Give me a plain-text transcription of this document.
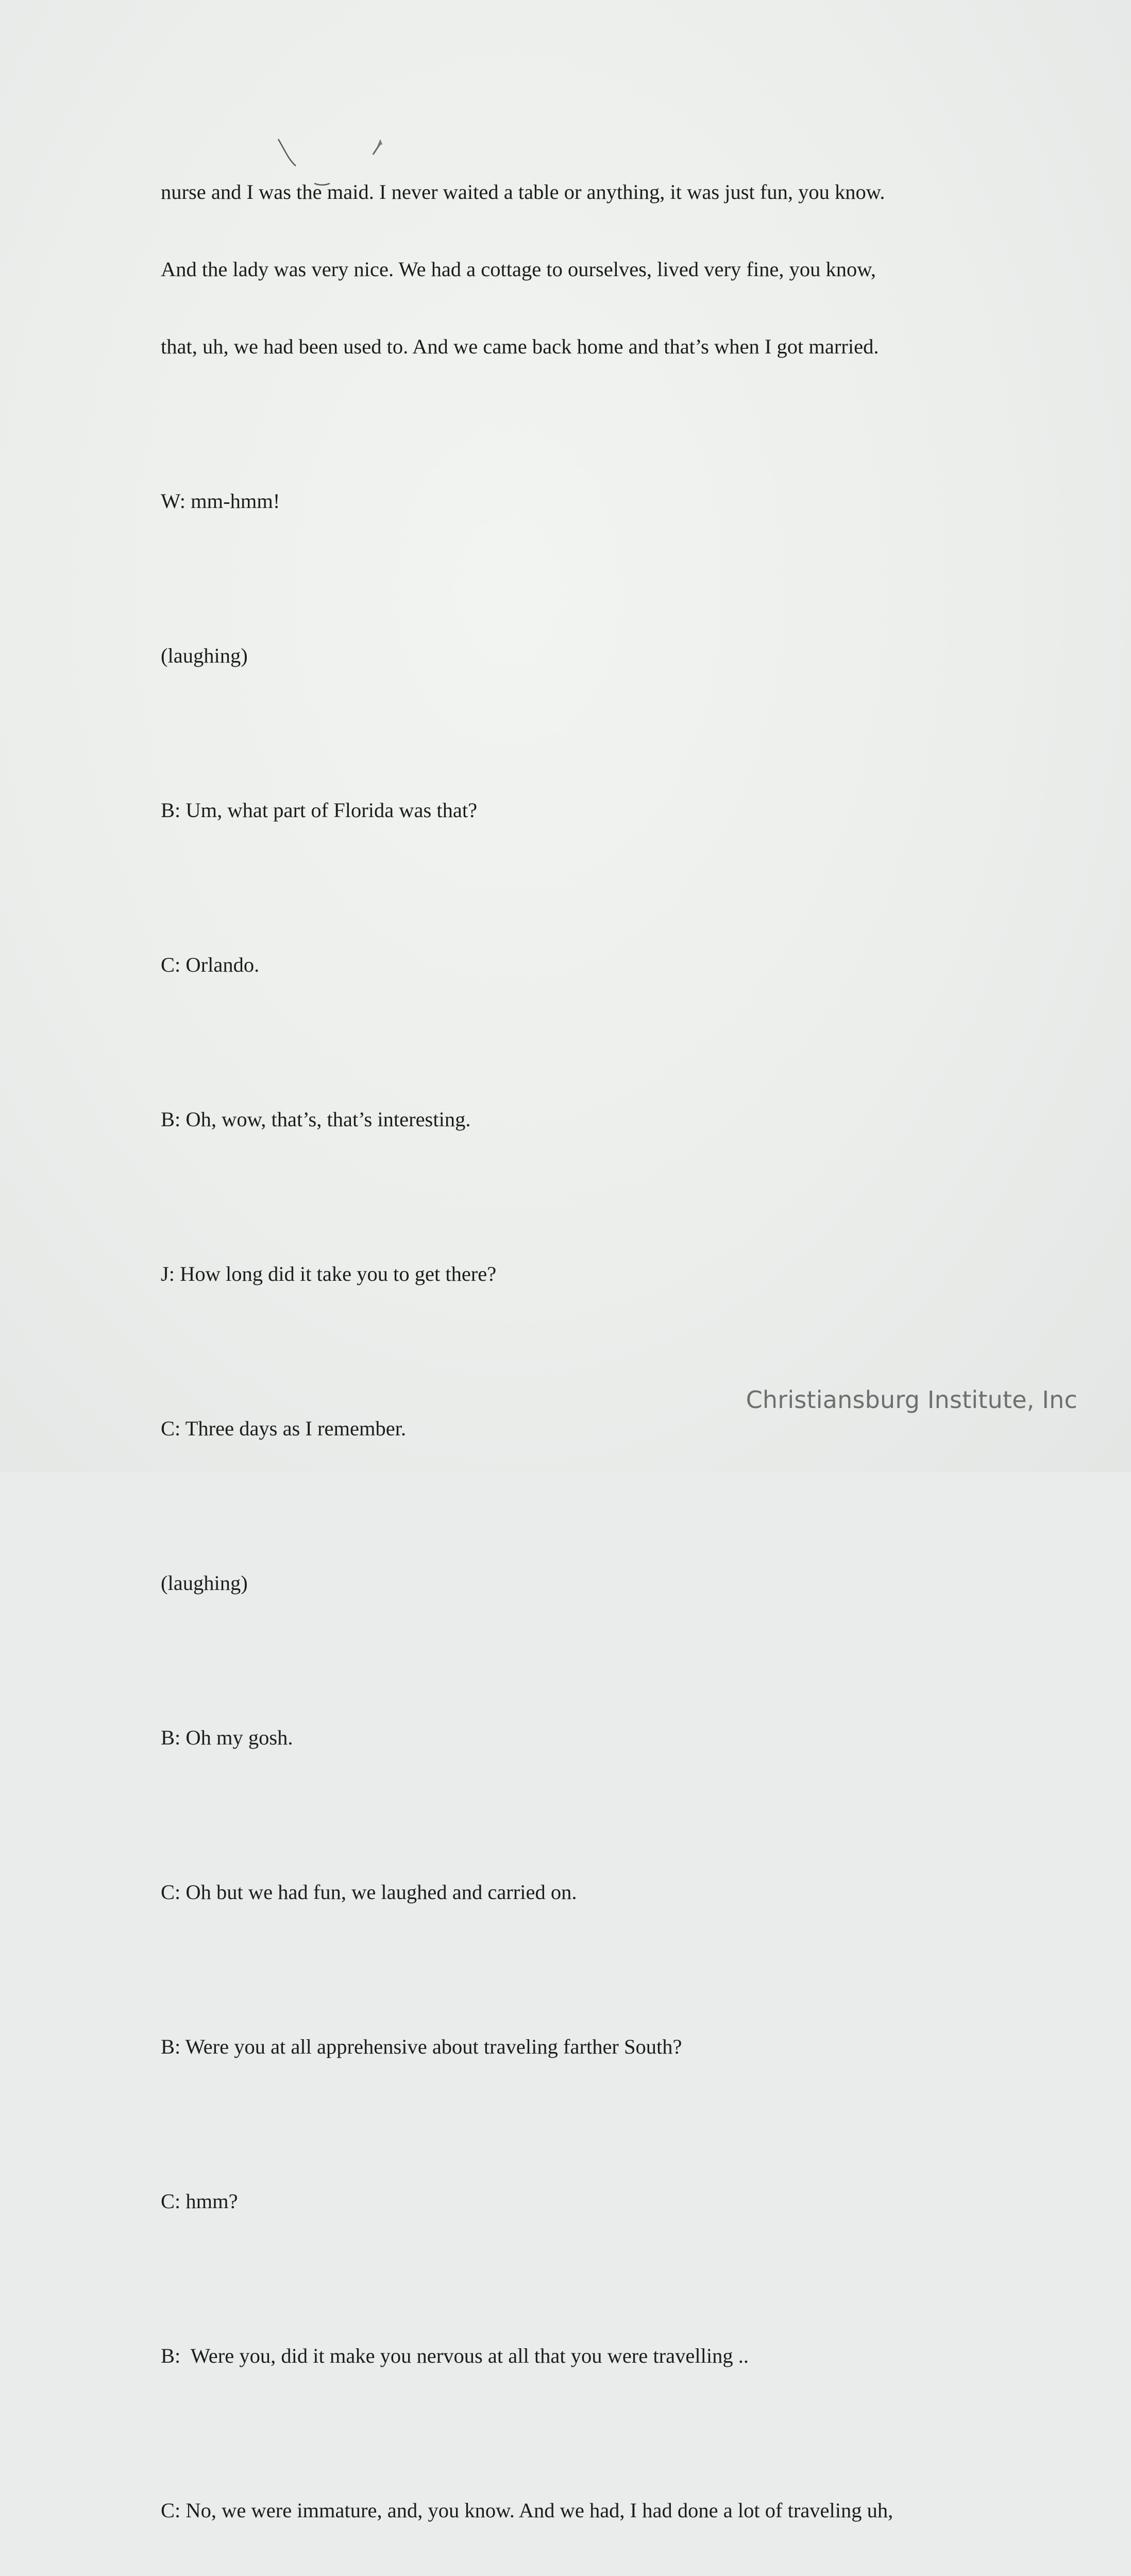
nurse and I was the maid. I never waited a table or anything, it was just fun, you know.

And the lady was very nice. We had a cottage to ourselves, lived very fine, you know,

that, uh, we had been used to. And we came back home and that’s when I got married.

W: mm-hmm!

(laughing)

B: Um, what part of Florida was that?

C: Orlando.

B: Oh, wow, that’s, that’s interesting.

J: How long did it take you to get there?

C: Three days as I remember.

(laughing)

B: Oh my gosh.

C: Oh but we had fun, we laughed and carried on.

B: Were you at all apprehensive about traveling farther South?

C: hmm?

B:  Were you, did it make you nervous at all that you were travelling ..

C: No, we were immature, and, you know. And we had, I had done a lot of traveling uh,

Christiansburg Institute, Inc
